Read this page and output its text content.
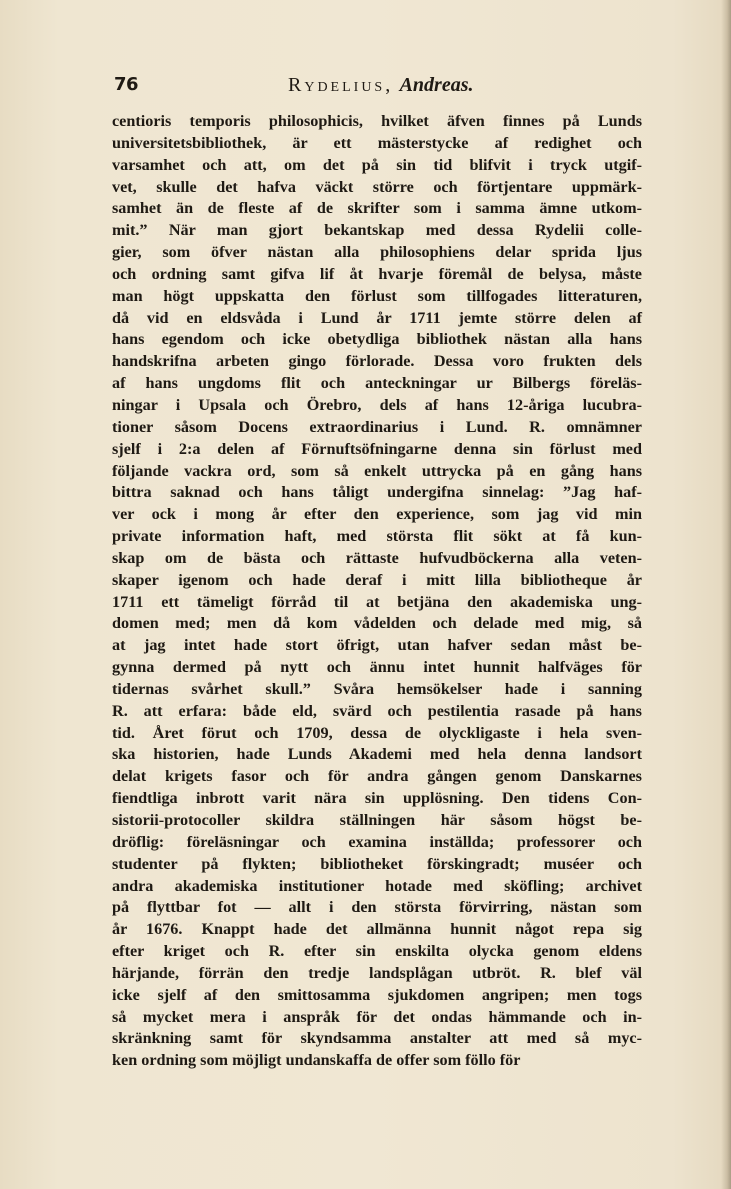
76	Rydelius, Andreas.
centioris temporis philosophicis, hvilket äfven finnes på Lunds
universitetsbibliothek, är ett mästerstycke af redighet och
varsamhet och att, om det på sin tid blifvit i tryck utgif-
vet, skulle det hafva väckt större och förtjentare uppmärk-
samhet än de fleste af de skrifter som i samma ämne utkom-
mit.” När man gjort bekantskap med dessa Rydelii colle-
gier, som öfver nästan alla philosophiens delar sprida ljus
och ordning samt gifva lif åt hvarje föremål de belysa, måste
man högt uppskatta den förlust som tillfogades litteraturen,
då vid en eldsvåda i Lund år 1711 jemte större delen af
hans egendom och icke obetydliga bibliothek nästan alla hans
handskrifna arbeten gingo förlorade. Dessa voro frukten dels
af hans ungdoms flit och anteckningar ur Bilbergs föreläs-
ningar i Upsala och Örebro, dels af hans 12-åriga lucubra-
tioner såsom Docens extraordinarius i Lund. R. omnämner
sjelf i 2:a delen af Förnuftsöfningarne denna sin förlust med
följande vackra ord, som så enkelt uttrycka på en gång hans
bittra saknad och hans tåligt undergifna sinnelag: ”Jag haf-
ver ock i mong år efter den experience, som jag vid min
private information haft, med största flit sökt at få kun-
skap om de bästa och rättaste hufvudböckerna alla veten-
skaper igenom och hade deraf i mitt lilla bibliotheque år
1711 ett tämeligt förråd til at betjäna den akademiska ung-
domen med; men då kom vådelden och delade med mig, så
at jag intet hade stort öfrigt, utan hafver sedan måst be-
gynna dermed på nytt och ännu intet hunnit halfväges för
tidernas svårhet skull.” Svåra hemsökelser hade i sanning
R. att erfara: både eld, svärd och pestilentia rasade på hans
tid. Året förut och 1709, dessa de olyckligaste i hela sven-
ska historien, hade Lunds Akademi med hela denna landsort
delat krigets fasor och för andra gången genom Danskarnes
fiendtliga inbrott varit nära sin upplösning. Den tidens Con-
sistorii-protocoller skildra ställningen här såsom högst be-
dröflig: föreläsningar och examina inställda; professorer och
studenter på flykten; bibliotheket förskingradt; muséer och
andra akademiska institutioner hotade med sköfling; archivet
på flyttbar fot — allt i den största förvirring, nästan som
år 1676. Knappt hade det allmänna hunnit något repa sig
efter kriget och R. efter sin enskilta olycka genom eldens
härjande, förrän den tredje landsplågan utbröt. R. blef väl
icke sjelf af den smittosamma sjukdomen angripen; men togs
så mycket mera i anspråk för det ondas hämmande och in-
skränkning samt för skyndsamma anstalter att med så myc-
ken ordning som möjligt undanskaffa de offer som föllo för
